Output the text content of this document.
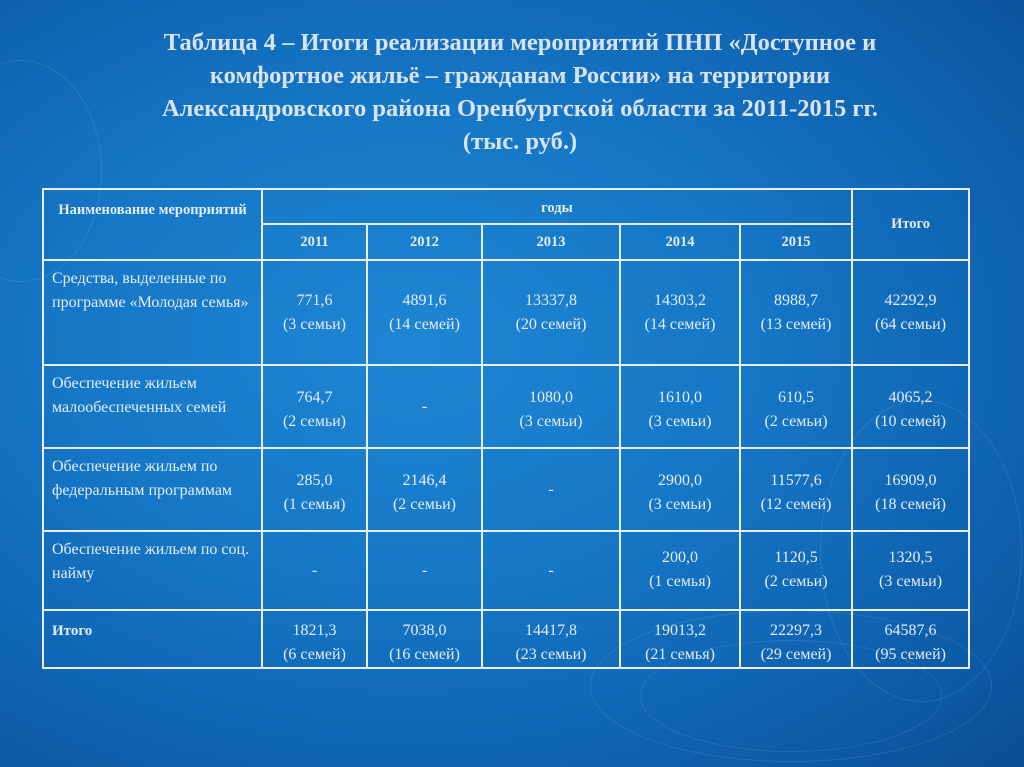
Таблица 4 – Итоги реализации мероприятий ПНП «Доступное и
комфортное жильё – гражданам России» на территории
Александровского района Оренбургской области за 2011-2015 гг.
(тыс. руб.)
Наименование мероприятий	годы					Итого
	2011	2012	2013	2014	2015	
Средства, выделенные по программе «Молодая семья»	771,6
(3 семьи)	4891,6
(14 семей)	13337,8
(20 семей)	14303,2
(14 семей)	8988,7
(13 семей)	42292,9
(64 семьи)

Обеспечение жильем малообеспеченных семей	764,7
(2 семьи)	-	1080,0
(3 семьи)	1610,0
(3 семьи)	610,5
(2 семьи)	4065,2
(10 семей)

Обеспечение жильем по федеральным программам	285,0
(1 семья)	2146,4
(2 семьи)	-	2900,0
(3 семьи)	11577,6
(12 семей)	16909,0
(18 семей)

Обеспечение жильем по соц. найму	-	-	-	200,0
(1 семья)	1120,5
(2 семьи)	1320,5
(3 семьи)

Итого	1821,3
(6 семей)	7038,0
(16 семей)	14417,8
(23 семьи)	19013,2
(21 семья)	22297,3
(29 семей)	64587,6
(95 семей)
